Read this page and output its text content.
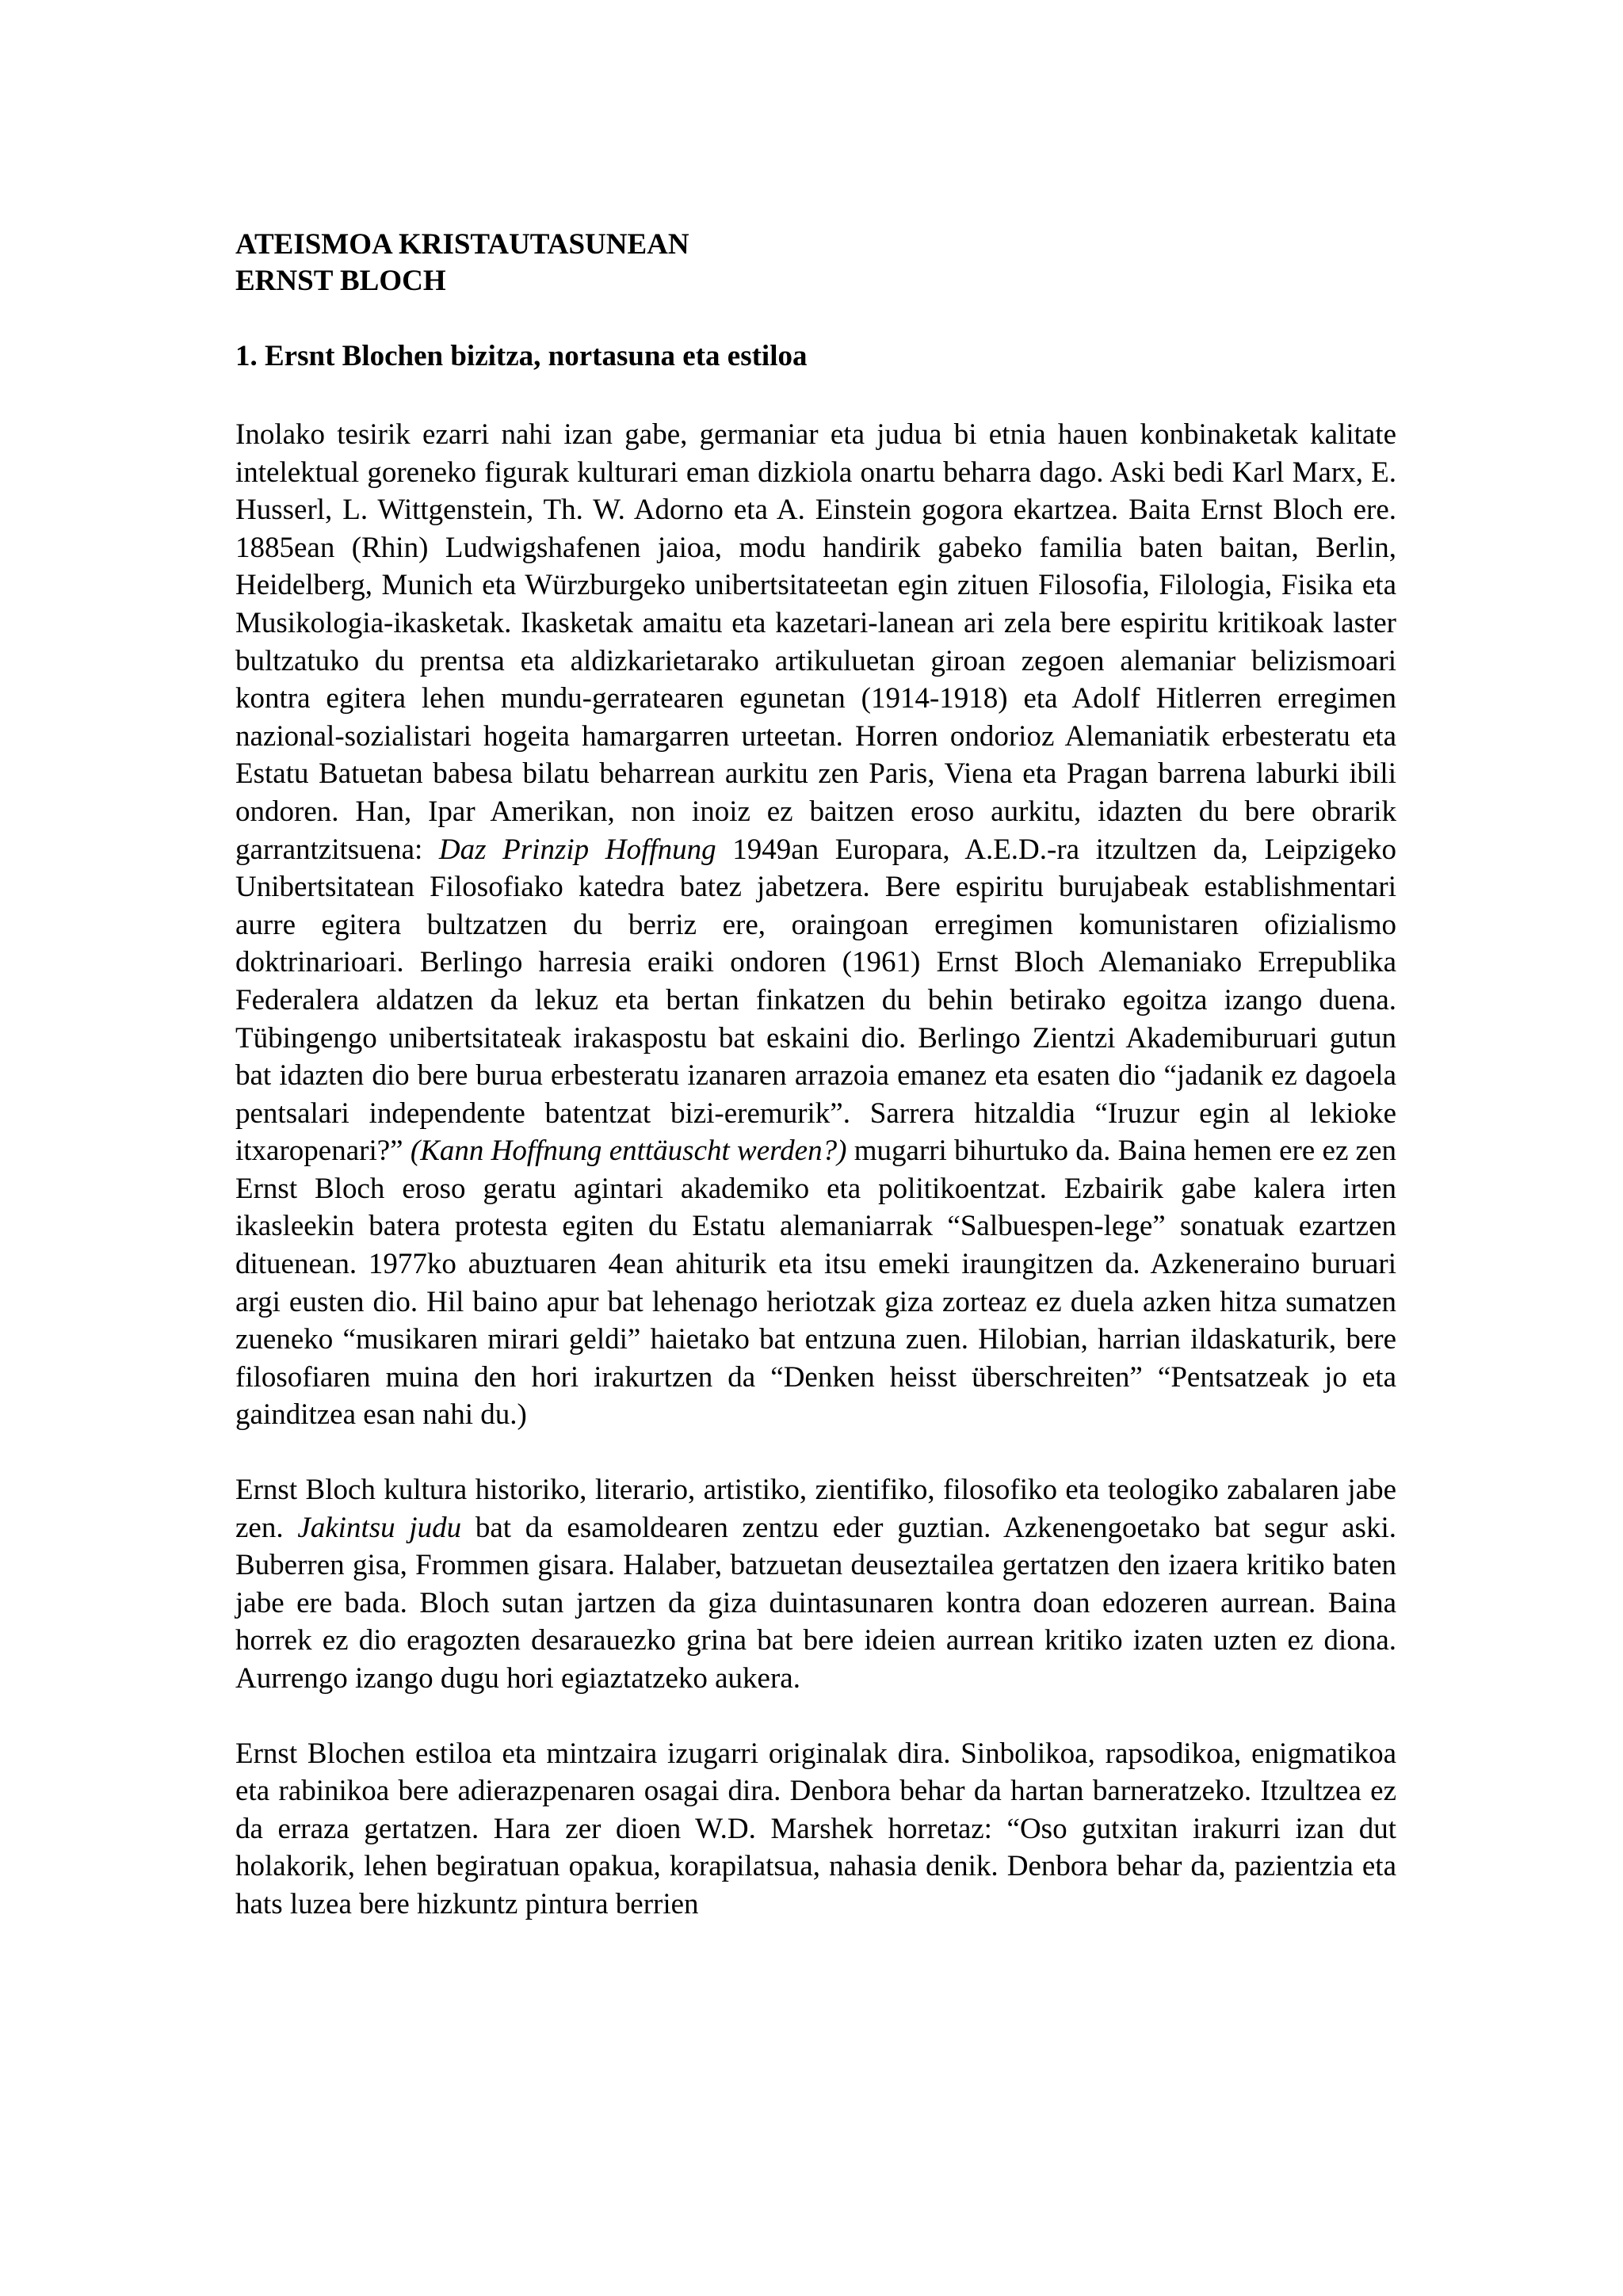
ATEISMOA KRISTAUTASUNEAN
ERNST BLOCH
1. Ersnt Blochen bizitza, nortasuna eta estiloa

Inolako tesirik ezarri nahi izan gabe, germaniar eta judua bi etnia hauen konbinaketak kalitate intelektual goreneko figurak kulturari eman dizkiola onartu beharra dago. Aski bedi Karl Marx, E. Husserl, L. Wittgenstein, Th. W. Adorno eta A. Einstein gogora ekartzea. Baita Ernst Bloch ere. 1885ean (Rhin) Ludwigshafenen jaioa, modu handirik gabeko familia baten baitan, Berlin, Heidelberg, Munich eta Würzburgeko unibertsitateetan egin zituen Filosofia, Filologia, Fisika eta Musikologia-ikasketak. Ikasketak amaitu eta kazetari-lanean ari zela bere espiritu kritikoak laster bultzatuko du prentsa eta aldizkarietarako artikuluetan giroan zegoen alemaniar belizismoari kontra egitera lehen mundu-gerratearen egunetan (1914-1918) eta Adolf Hitlerren erregimen nazional-sozialistari hogeita hamargarren urteetan. Horren ondorioz Alemaniatik erbesteratu eta Estatu Batuetan babesa bilatu beharrean aurkitu zen Paris, Viena eta Pragan barrena laburki ibili ondoren. Han, Ipar Amerikan, non inoiz ez baitzen eroso aurkitu, idazten du bere obrarik garrantzitsuena: Daz Prinzip Hoffnung 1949an Europara, A.E.D.-ra itzultzen da, Leipzigeko Unibertsitatean Filosofiako katedra batez jabetzera. Bere espiritu burujabeak establishmentari aurre egitera bultzatzen du berriz ere, oraingoan erregimen komunistaren ofizialismo doktrinarioari. Berlingo harresia eraiki ondoren (1961) Ernst Bloch Alemaniako Errepublika Federalera aldatzen da lekuz eta bertan finkatzen du behin betirako egoitza izango duena. Tübingengo unibertsitateak irakaspostu bat eskaini dio. Berlingo Zientzi Akademiburuari gutun bat idazten dio bere burua erbesteratu izanaren arrazoia emanez eta esaten dio “jadanik ez dagoela pentsalari independente batentzat bizi-eremurik”. Sarrera hitzaldia “Iruzur egin al lekioke itxaropenari?” (Kann Hoffnung enttäuscht werden?) mugarri bihurtuko da. Baina hemen ere ez zen Ernst Bloch eroso geratu agintari akademiko eta politikoentzat. Ezbairik gabe kalera irten ikasleekin batera protesta egiten du Estatu alemaniarrak “Salbuespen-lege” sonatuak ezartzen dituenean. 1977ko abuztuaren 4ean ahiturik eta itsu emeki iraungitzen da. Azkeneraino buruari argi eusten dio. Hil baino apur bat lehenago heriotzak giza zorteaz ez duela azken hitza sumatzen zueneko “musikaren mirari geldi” haietako bat entzuna zuen. Hilobian, harrian ildaskaturik, bere filosofiaren muina den hori irakurtzen da “Denken heisst überschreiten” “Pentsatzeak jo eta gainditzea esan nahi du.)

Ernst Bloch kultura historiko, literario, artistiko, zientifiko, filosofiko eta teologiko zabalaren jabe zen. Jakintsu judu bat da esamoldearen zentzu eder guztian. Azkenengoetako bat segur aski. Buberren gisa, Frommen gisara. Halaber, batzuetan deuseztailea gertatzen den izaera kritiko baten jabe ere bada. Bloch sutan jartzen da giza duintasunaren kontra doan edozeren aurrean. Baina horrek ez dio eragozten desarauezko grina bat bere ideien aurrean kritiko izaten uzten ez diona. Aurrengo izango dugu hori egiaztatzeko aukera.

Ernst Blochen estiloa eta mintzaira izugarri originalak dira. Sinbolikoa, rapsodikoa, enigmatikoa eta rabinikoa bere adierazpenaren osagai dira. Denbora behar da hartan barneratzeko. Itzultzea ez da erraza gertatzen. Hara zer dioen W.D. Marshek horretaz: “Oso gutxitan irakurri izan dut holakorik, lehen begiratuan opakua, korapilatsua, nahasia denik. Denbora behar da, pazientzia eta hats luzea bere hizkuntz pintura berrien
